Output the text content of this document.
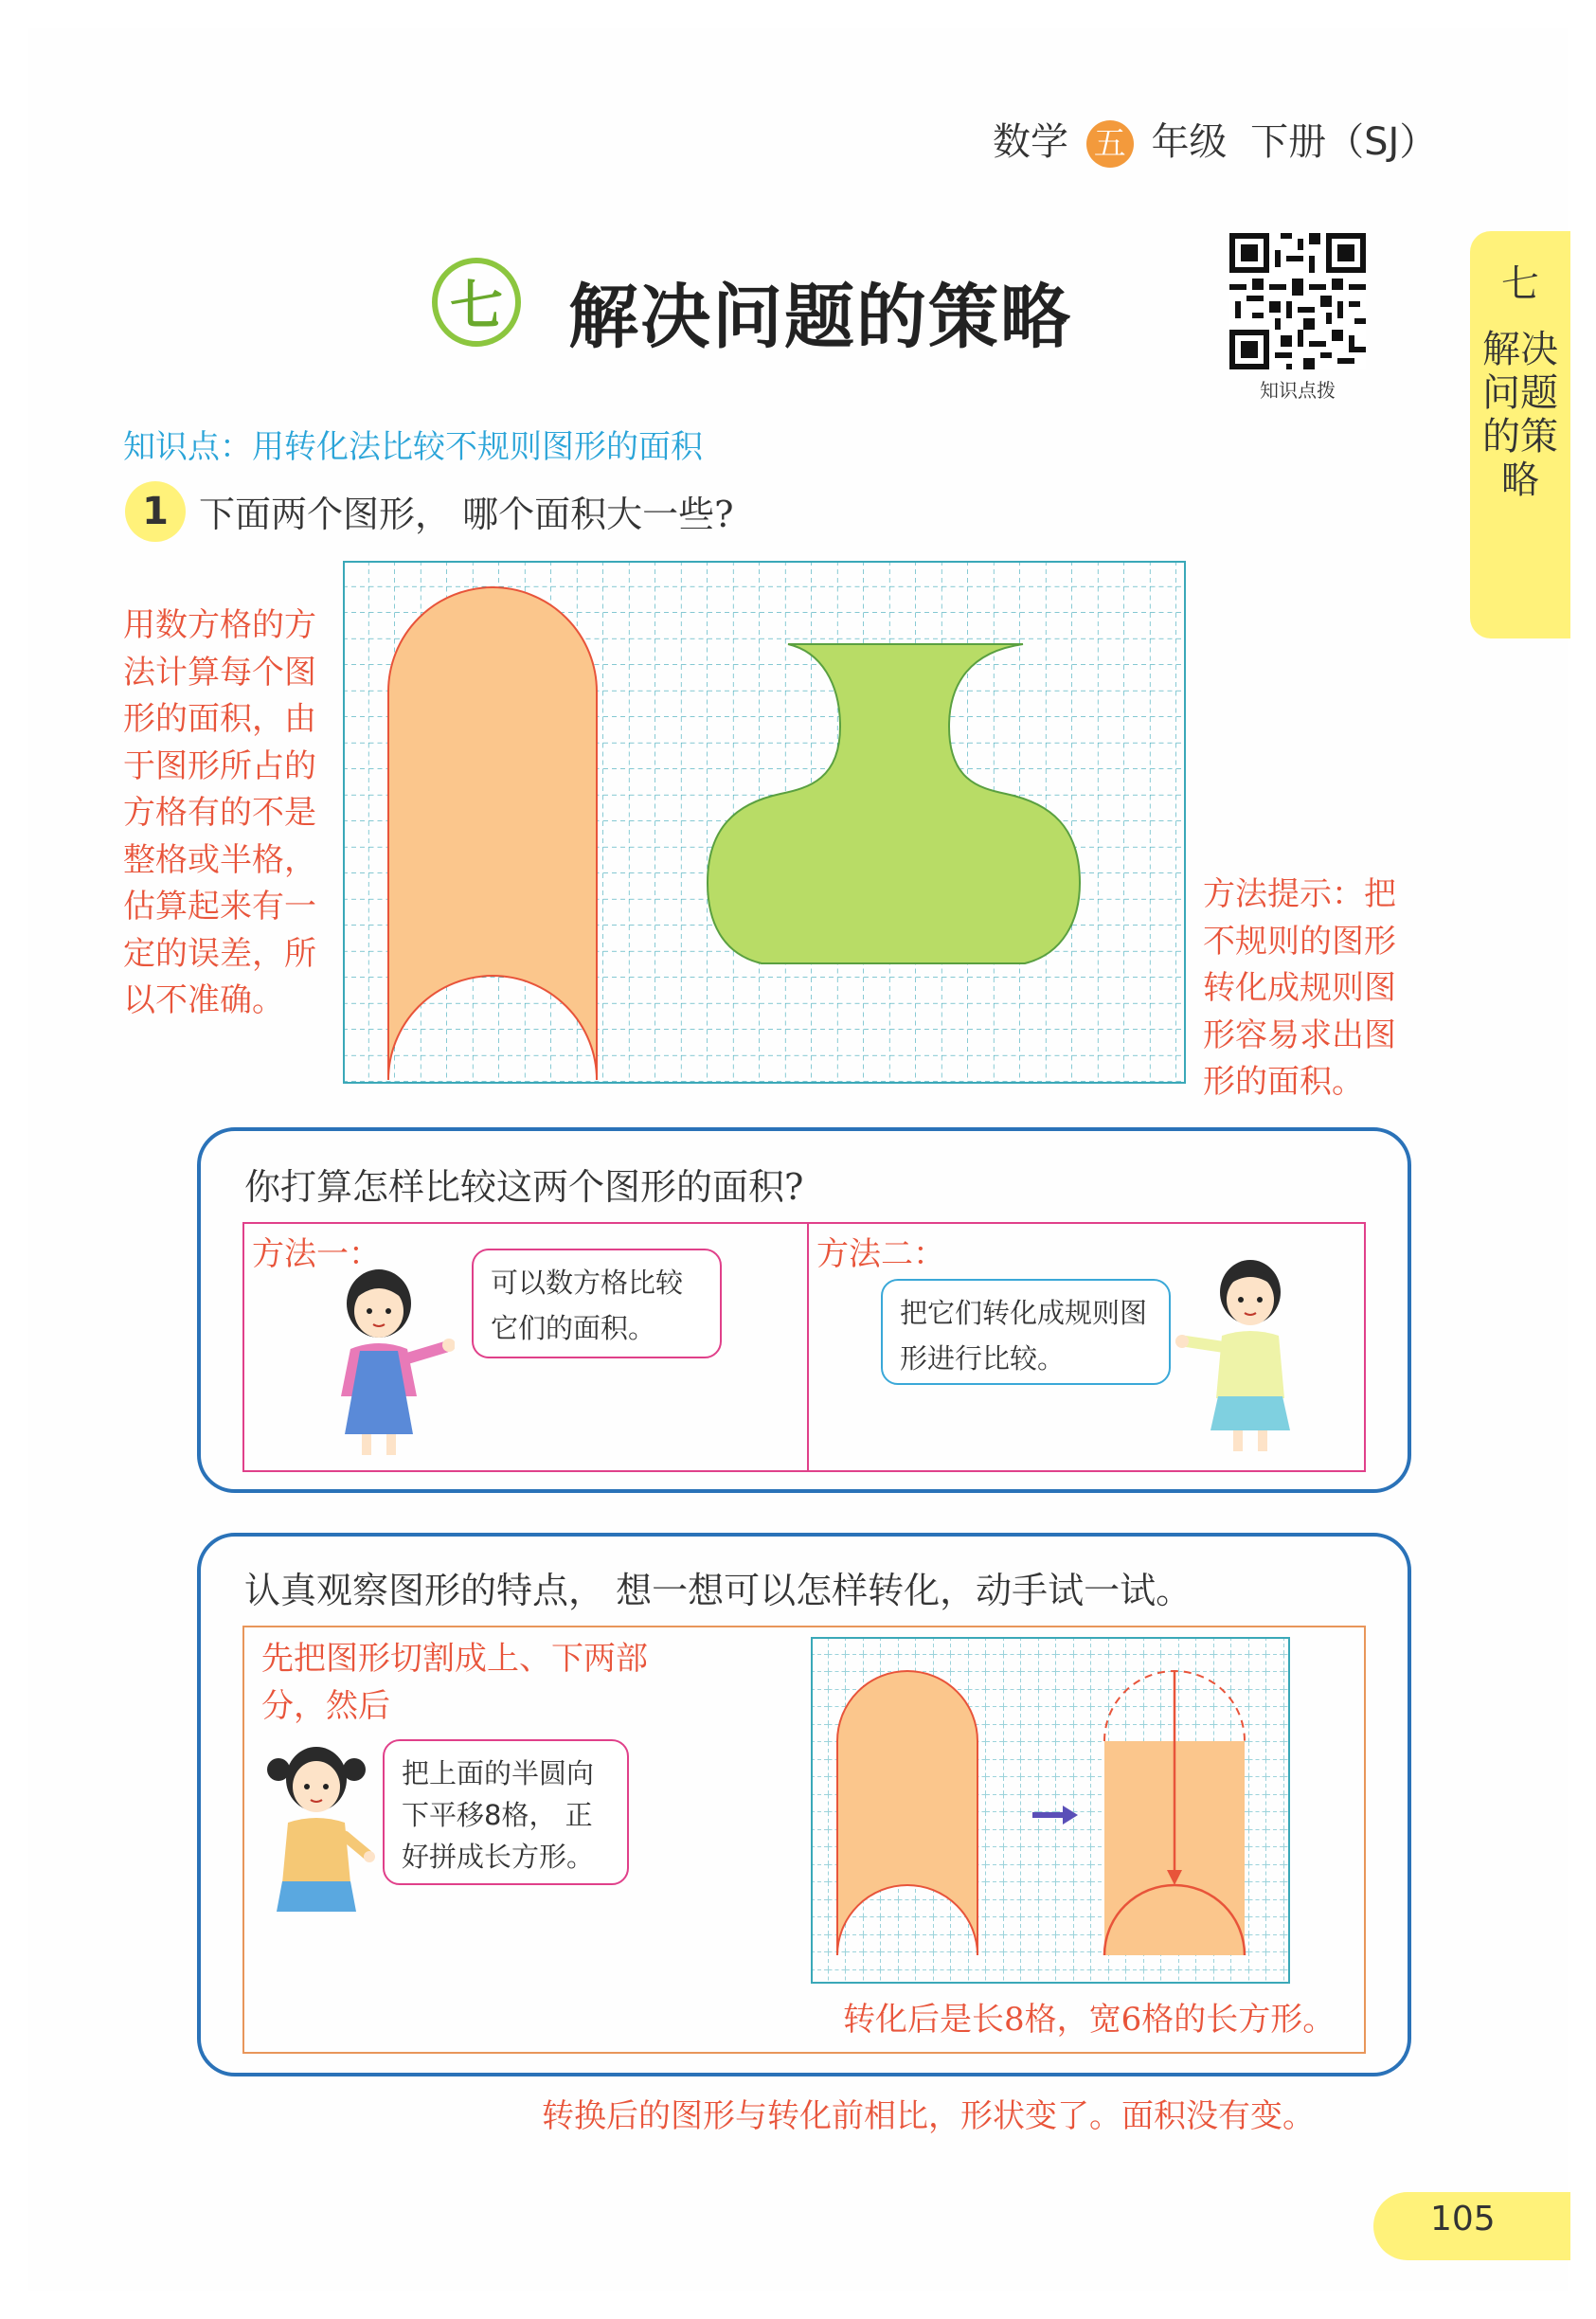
数学 五 年级 下册（SJ）
七 解决问题的策略
知识点拨
七
解决问题的策略
知识点：用转化法比较不规则图形的面积
1 下面两个图形， 哪个面积大一些?
用数方格的方法计算每个图形的面积，由于图形所占的方格有的不是整格或半格，估算起来有一定的误差，所以不准确。
方法提示：把不规则的图形转化成规则图形容易求出图形的面积。
你打算怎样比较这两个图形的面积?
方法一：	方法二：
可以数方格比较它们的面积。	把它们转化成规则图形进行比较。
认真观察图形的特点， 想一想可以怎样转化，动手试一试。
先把图形切割成上、下两部分，然后
把上面的半圆向下平移8格， 正好拼成长方形。
转化后是长8格，宽6格的长方形。
转换后的图形与转化前相比，形状变了。面积没有变。
105
